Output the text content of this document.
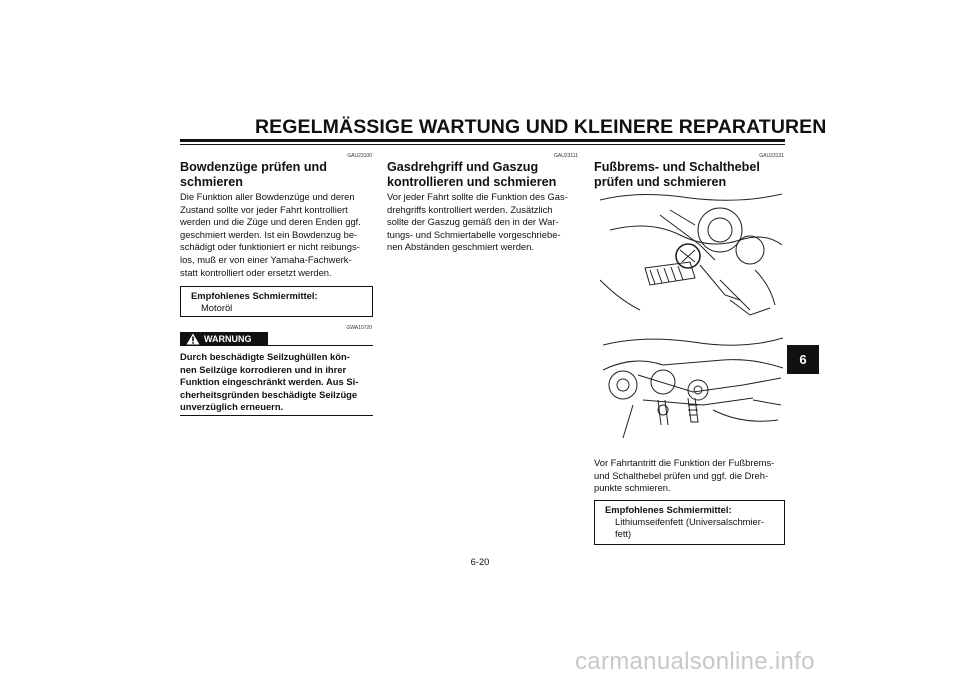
REGELMÄSSIGE WARTUNG UND KLEINERE REPARATUREN
GAU23100
Bowdenzüge prüfen und schmieren
Die Funktion aller Bowdenzüge und deren
Zustand sollte vor jeder Fahrt kontrolliert
werden und die Züge und deren Enden ggf.
geschmiert werden. Ist ein Bowdenzug be-
schädigt oder funktioniert er nicht reibungs-
los, muß er von einer Yamaha-Fachwerk-
statt kontrolliert oder ersetzt werden.
Empfohlenes Schmiermittel:
Motoröl
GWA10720
WARNUNG
Durch beschädigte Seilzughüllen kön-
nen Seilzüge korrodieren und in ihrer
Funktion eingeschränkt werden. Aus Si-
cherheitsgründen beschädigte Seilzüge
unverzüglich erneuern.
GAU23111
Gasdrehgriff und Gaszug kontrollieren und schmieren
Vor jeder Fahrt sollte die Funktion des Gas-
drehgriffs kontrolliert werden. Zusätzlich
sollte der Gaszug gemäß den in der War-
tungs- und Schmiertabelle vorgeschriebe-
nen Abständen geschmiert werden.
GAU23131
Fußbrems- und Schalthebel prüfen und schmieren
Vor Fahrtantritt die Funktion der Fußbrems-
und Schalthebel prüfen und ggf. die Dreh-
punkte schmieren.
Empfohlenes Schmiermittel:
Lithiumseifenfett (Universalschmier-
fett)
6
6-20
carmanualsonline.info
